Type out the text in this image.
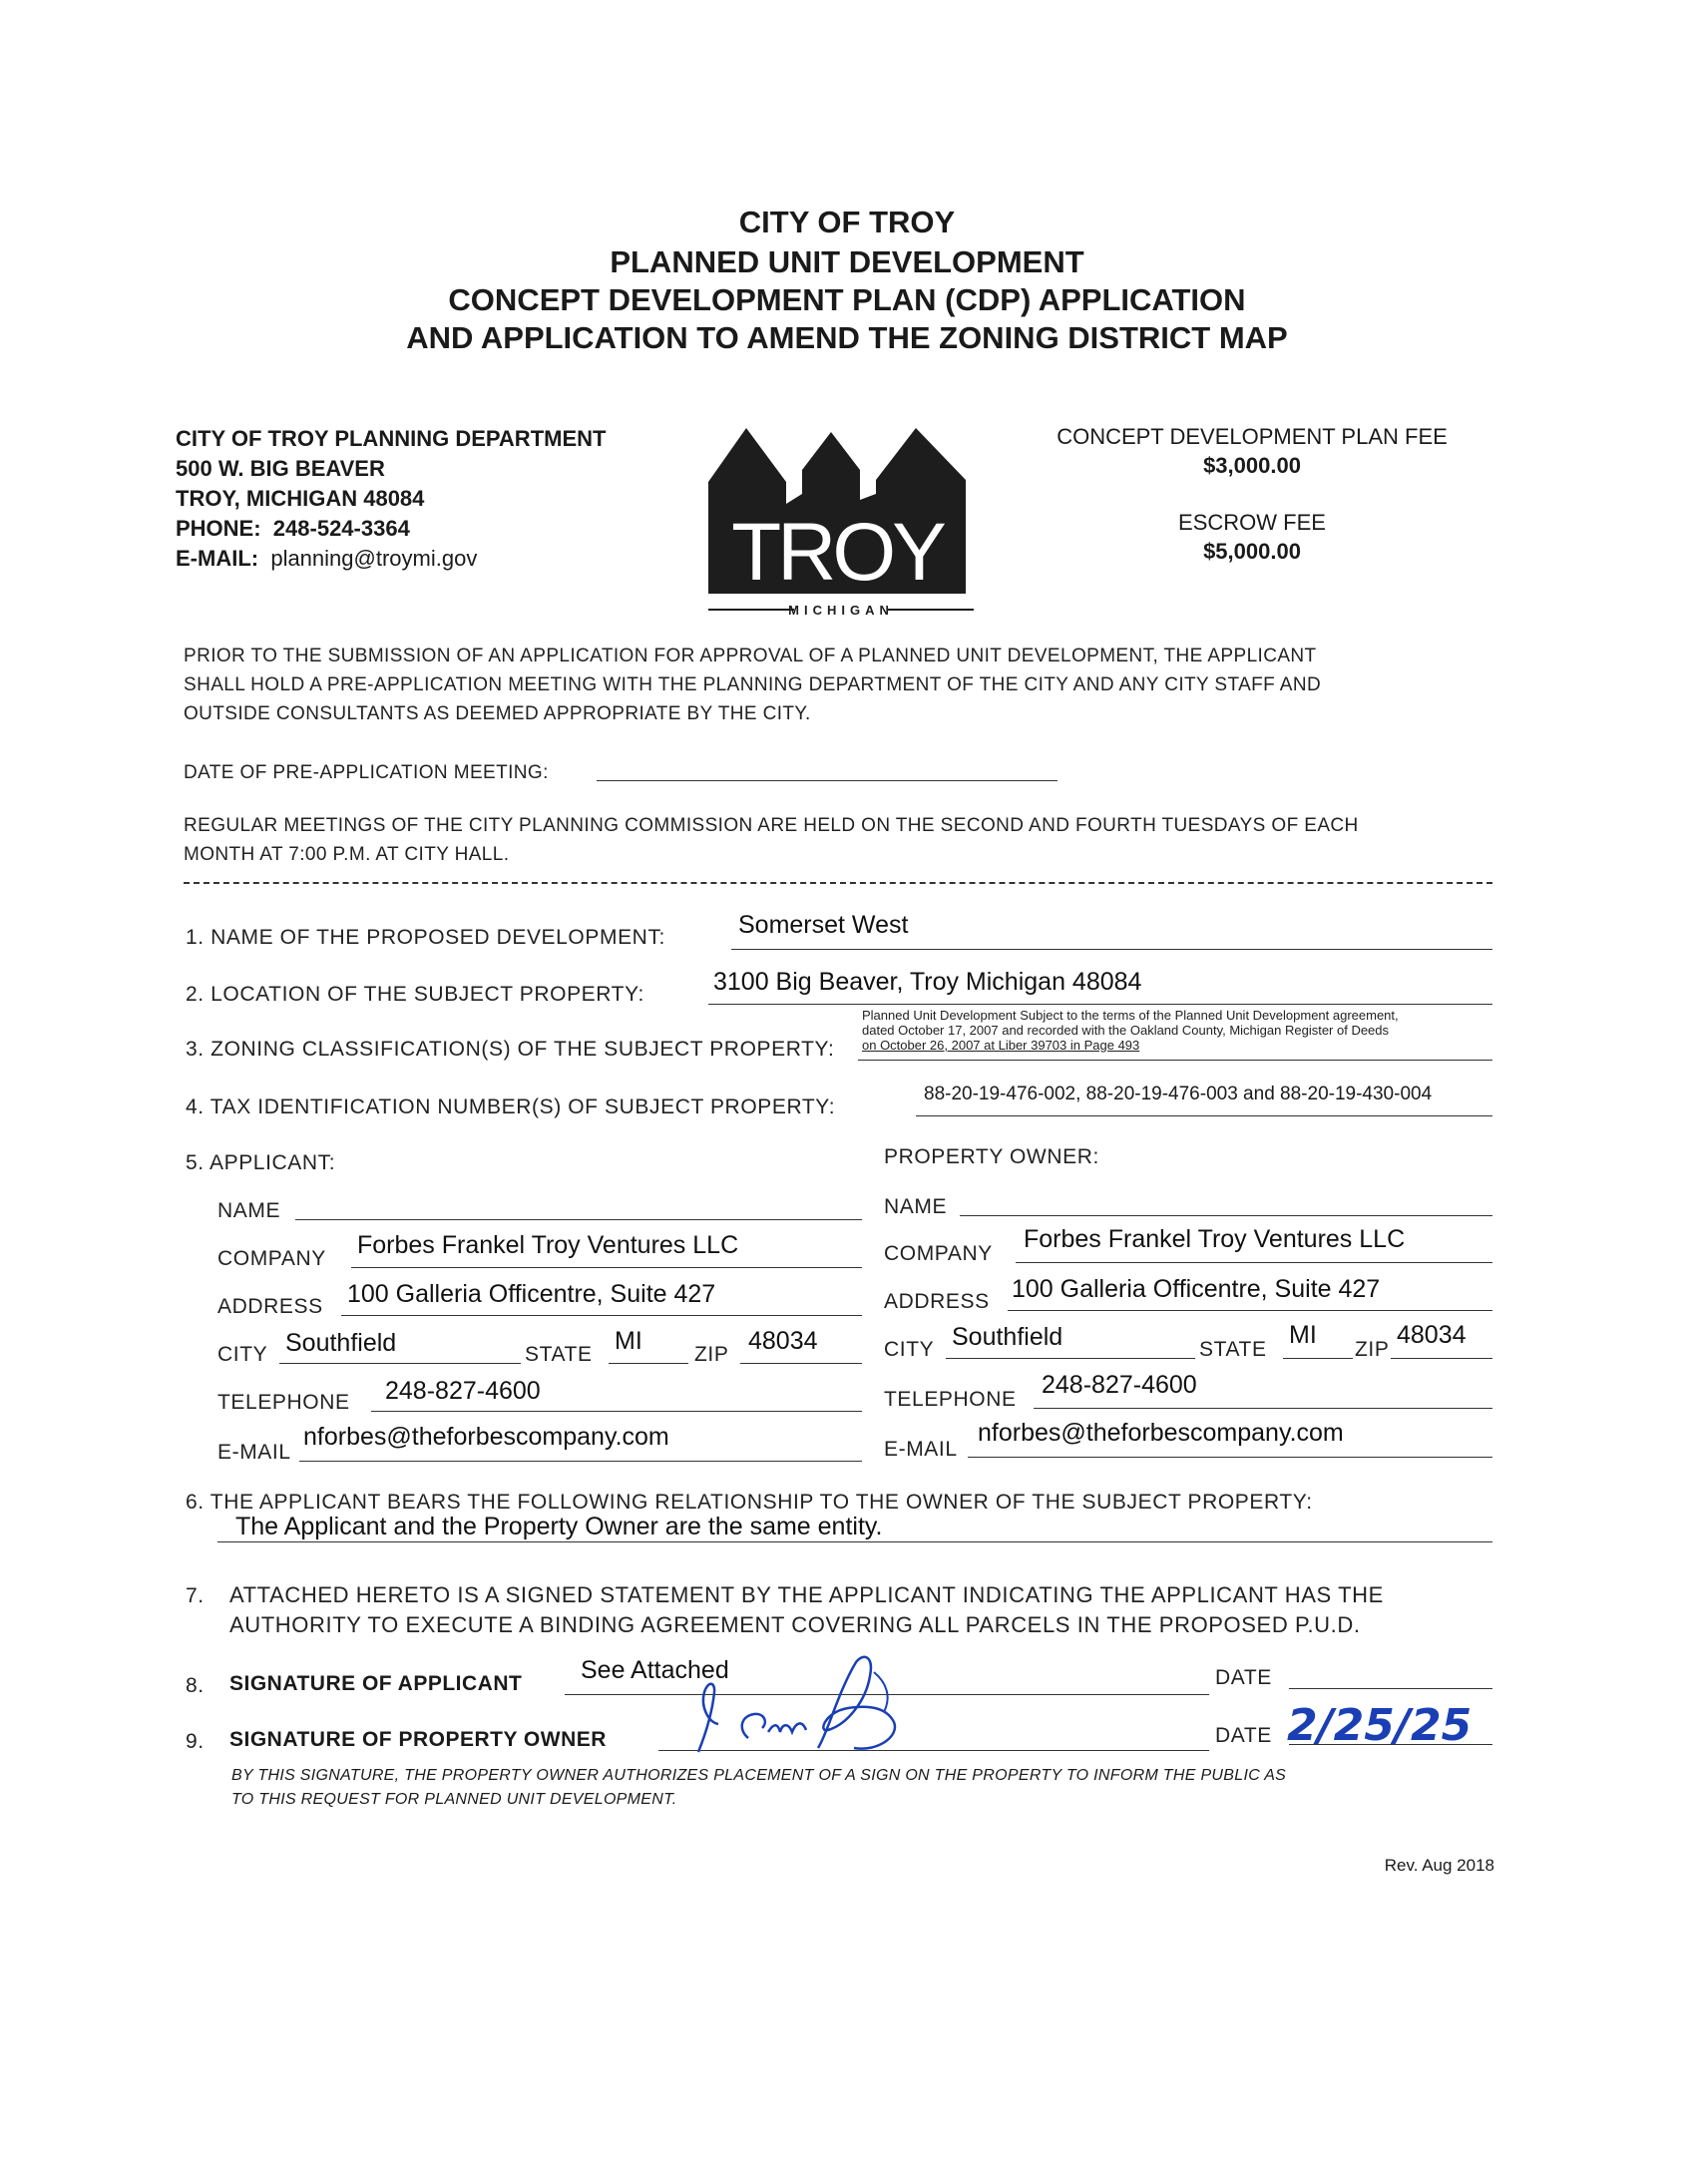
CITY OF TROY
PLANNED UNIT DEVELOPMENT
CONCEPT DEVELOPMENT PLAN (CDP) APPLICATION
AND APPLICATION TO AMEND THE ZONING DISTRICT MAP
CITY OF TROY PLANNING DEPARTMENT
500 W. BIG BEAVER
TROY, MICHIGAN 48084
PHONE: 248-524-3364
E-MAIL: planning@troymi.gov	TROY
MICHIGAN
CONCEPT DEVELOPMENT PLAN FEE
$3,000.00
ESCROW FEE
$5,000.00
PRIOR TO THE SUBMISSION OF AN APPLICATION FOR APPROVAL OF A PLANNED UNIT DEVELOPMENT, THE APPLICANT
SHALL HOLD A PRE-APPLICATION MEETING WITH THE PLANNING DEPARTMENT OF THE CITY AND ANY CITY STAFF AND
OUTSIDE CONSULTANTS AS DEEMED APPROPRIATE BY THE CITY.
DATE OF PRE-APPLICATION MEETING:
REGULAR MEETINGS OF THE CITY PLANNING COMMISSION ARE HELD ON THE SECOND AND FOURTH TUESDAYS OF EACH
MONTH AT 7:00 P.M. AT CITY HALL.
1. NAME OF THE PROPOSED DEVELOPMENT:	Somerset West
2. LOCATION OF THE SUBJECT PROPERTY:	3100 Big Beaver, Troy Michigan 48084
3. ZONING CLASSIFICATION(S) OF THE SUBJECT PROPERTY:
Planned Unit Development Subject to the terms of the Planned Unit Development agreement,
dated October 17, 2007 and recorded with the Oakland County, Michigan Register of Deeds
on October 26, 2007 at Liber 39703 in Page 493
4. TAX IDENTIFICATION NUMBER(S) OF SUBJECT PROPERTY:
88-20-19-476-002, 88-20-19-476-003 and 88-20-19-430-004
5. APPLICANT:	PROPERTY OWNER:
NAME
COMPANY Forbes Frankel Troy Ventures LLC
ADDRESS 100 Galleria Officentre, Suite 427
CITY Southfield	STATE MI ZIP 48034
TELEPHONE 248-827-4600
E-MAIL
nforbes@theforbescompany.com
NAME
COMPANY
Forbes Frankel Troy Ventures LLC
ADDRESS 100 Galleria Officentre, Suite 427
CITY Southfield	STATE
MI
ZIP
48034
TELEPHONE
248-827-4600
E-MAIL
nforbes@theforbescompany.com
6. THE APPLICANT BEARS THE FOLLOWING RELATIONSHIP TO THE OWNER OF THE SUBJECT PROPERTY:
The Applicant and the Property Owner are the same entity.
7. ATTACHED HERETO IS A SIGNED STATEMENT BY THE APPLICANT INDICATING THE APPLICANT HAS THE
AUTHORITY TO EXECUTE A BINDING AGREEMENT COVERING ALL PARCELS IN THE PROPOSED P.U.D.
8. SIGNATURE OF APPLICANT See Attached	DATE
9. SIGNATURE OF PROPERTY OWNER	DATE 2/25/25
BY THIS SIGNATURE, THE PROPERTY OWNER AUTHORIZES PLACEMENT OF A SIGN ON THE PROPERTY TO INFORM THE PUBLIC AS
TO THIS REQUEST FOR PLANNED UNIT DEVELOPMENT.
Rev. Aug 2018
